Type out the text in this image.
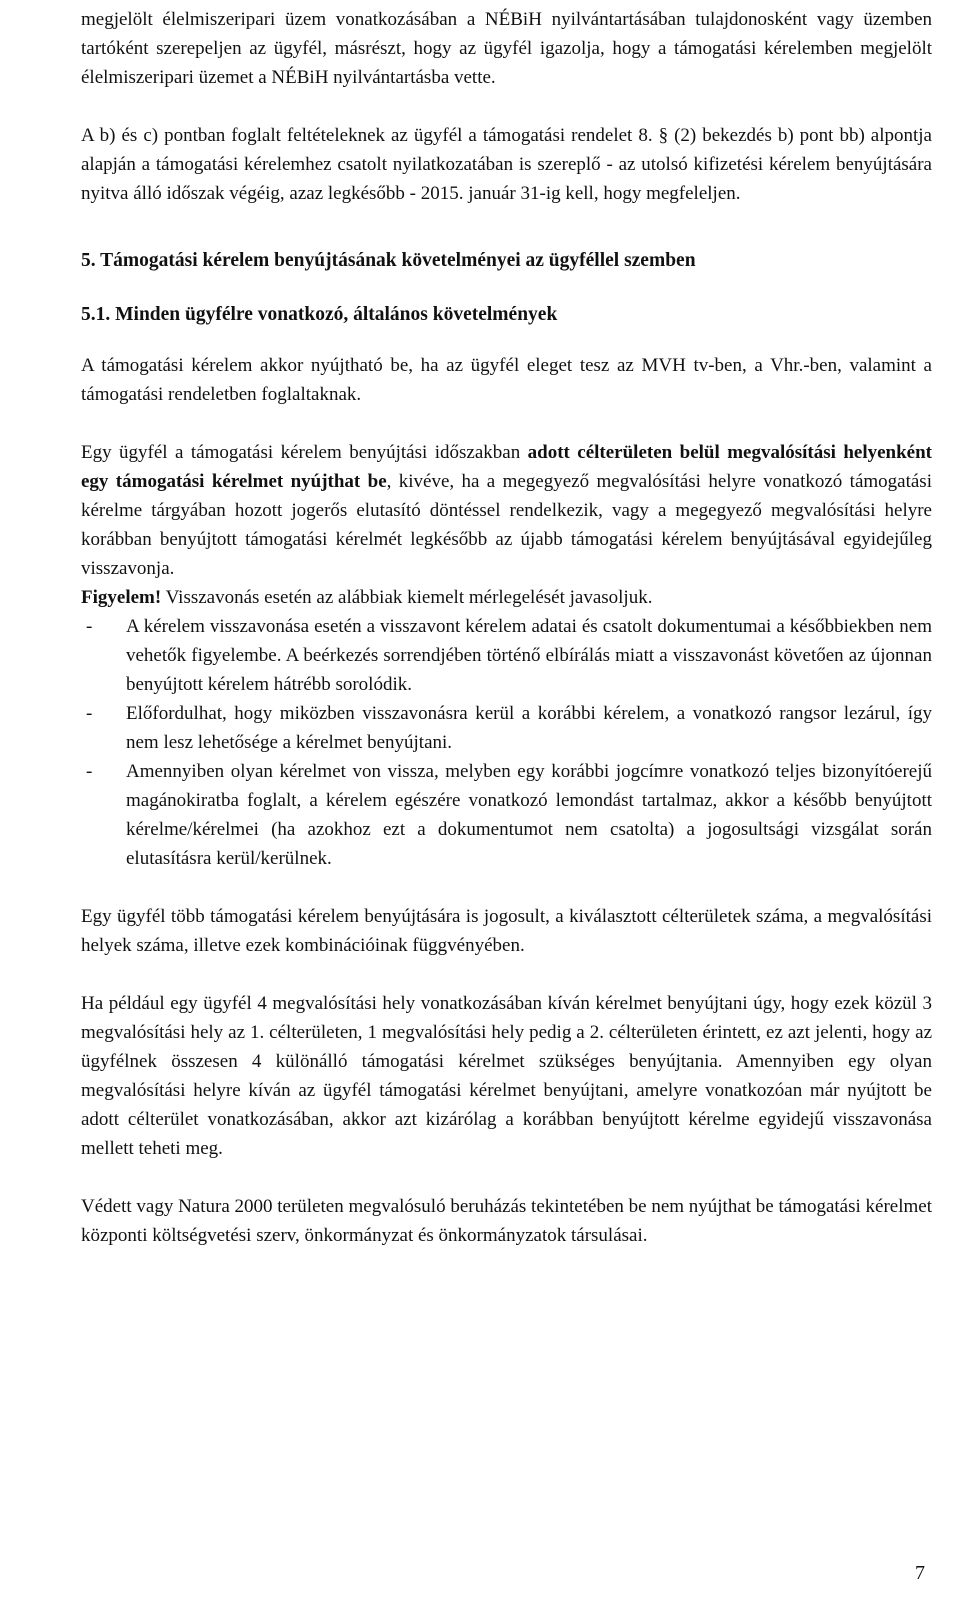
megjelölt élelmiszeripari üzem vonatkozásában a NÉBiH nyilvántartásában tulajdonosként vagy üzemben tartóként szerepeljen az ügyfél, másrészt, hogy az ügyfél igazolja, hogy a támogatási kérelemben megjelölt élelmiszeripari üzemet a NÉBiH nyilvántartásba vette.

A b) és c) pontban foglalt feltételeknek az ügyfél a támogatási rendelet 8. § (2) bekezdés b) pont bb) alpontja alapján a támogatási kérelemhez csatolt nyilatkozatában is szereplő - az utolsó kifizetési kérelem benyújtására nyitva álló időszak végéig, azaz legkésőbb - 2015. január 31-ig kell, hogy megfeleljen.

5. Támogatási kérelem benyújtásának követelményei az ügyféllel szemben

5.1. Minden ügyfélre vonatkozó, általános követelmények

A támogatási kérelem akkor nyújtható be, ha az ügyfél eleget tesz az MVH tv-ben, a Vhr.-ben, valamint a támogatási rendeletben foglaltaknak.

Egy ügyfél a támogatási kérelem benyújtási időszakban adott célterületen belül megvalósítási helyenként egy támogatási kérelmet nyújthat be, kivéve, ha a megegyező megvalósítási helyre vonatkozó támogatási kérelme tárgyában hozott jogerős elutasító döntéssel rendelkezik, vagy a megegyező megvalósítási helyre korábban benyújtott támogatási kérelmét legkésőbb az újabb támogatási kérelem benyújtásával egyidejűleg visszavonja.

Figyelem! Visszavonás esetén az alábbiak kiemelt mérlegelését javasoljuk.

- A kérelem visszavonása esetén a visszavont kérelem adatai és csatolt dokumentumai a későbbiekben nem vehetők figyelembe. A beérkezés sorrendjében történő elbírálás miatt a visszavonást követően az újonnan benyújtott kérelem hátrébb sorolódik.
- Előfordulhat, hogy miközben visszavonásra kerül a korábbi kérelem, a vonatkozó rangsor lezárul, így nem lesz lehetősége a kérelmet benyújtani.
- Amennyiben olyan kérelmet von vissza, melyben egy korábbi jogcímre vonatkozó teljes bizonyítóerejű magánokiratba foglalt, a kérelem egészére vonatkozó lemondást tartalmaz, akkor a később benyújtott kérelme/kérelmei (ha azokhoz ezt a dokumentumot nem csatolta) a jogosultsági vizsgálat során elutasításra kerül/kerülnek.

Egy ügyfél több támogatási kérelem benyújtására is jogosult, a kiválasztott célterületek száma, a megvalósítási helyek száma, illetve ezek kombinációinak függvényében.

Ha például egy ügyfél 4 megvalósítási hely vonatkozásában kíván kérelmet benyújtani úgy, hogy ezek közül 3 megvalósítási hely az 1. célterületen, 1 megvalósítási hely pedig a 2. célterületen érintett, ez azt jelenti, hogy az ügyfélnek összesen 4 különálló támogatási kérelmet szükséges benyújtania. Amennyiben egy olyan megvalósítási helyre kíván az ügyfél támogatási kérelmet benyújtani, amelyre vonatkozóan már nyújtott be adott célterület vonatkozásában, akkor azt kizárólag a korábban benyújtott kérelme egyidejű visszavonása mellett teheti meg.

Védett vagy Natura 2000 területen megvalósuló beruházás tekintetében be nem nyújthat be támogatási kérelmet központi költségvetési szerv, önkormányzat és önkormányzatok társulásai.

7
